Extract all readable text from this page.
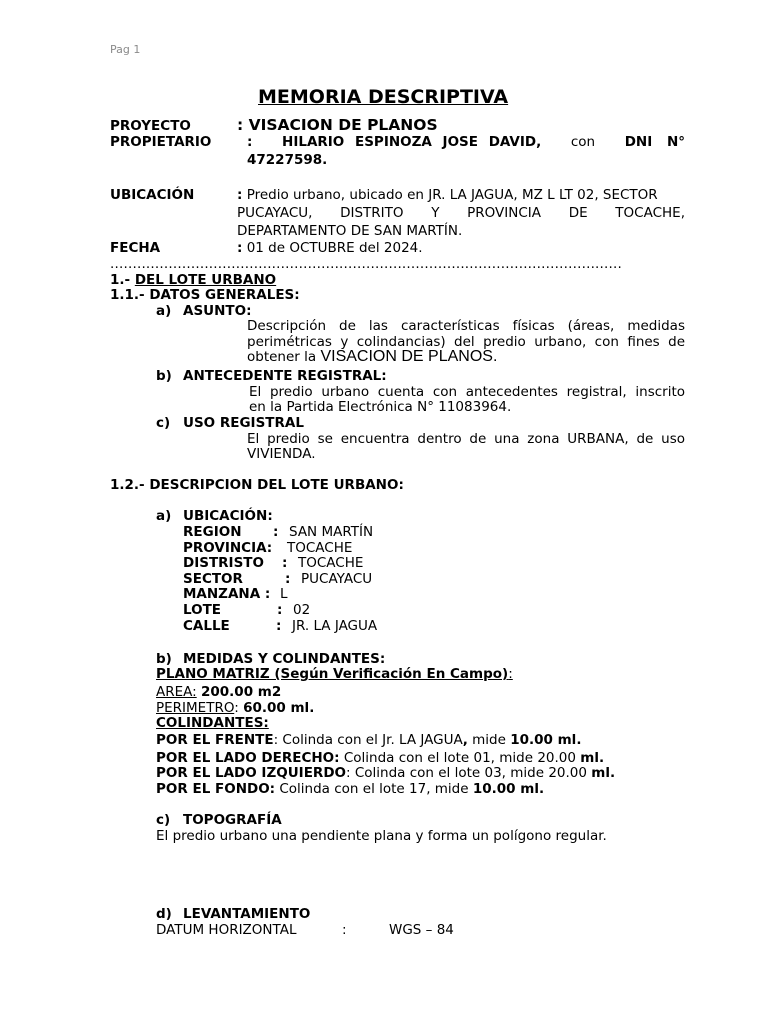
Pag 1
MEMORIA DESCRIPTIVA
PROYECTO	: VISACION DE PLANOS
PROPIETARIO	: HILARIO ESPINOZA JOSE DAVID, con DNI N°
47227598.
UBICACIÓN	: Predio urbano, ubicado en JR. LA JAGUA, MZ L LT 02, SECTOR
PUCAYACU, DISTRITO Y PROVINCIA DE TOCACHE,
DEPARTAMENTO DE SAN MARTÍN.
FECHA	: 01 de OCTUBRE del 2024.
..................................................................................................................
1.- DEL LOTE URBANO
1.1.- DATOS GENERALES:
a) ASUNTO:
Descripción de las características físicas (áreas, medidas
perimétricas y colindancias) del predio urbano, con fines de
obtener la VISACION DE PLANOS.
b) ANTECEDENTE REGISTRAL:
El predio urbano cuenta con antecedentes registral, inscrito
en la Partida Electrónica N° 11083964.
c) USO REGISTRAL
El predio se encuentra dentro de una zona URBANA, de uso
VIVIENDA.
1.2.- DESCRIPCION DEL LOTE URBANO:
a) UBICACIÓN:
REGION : SAN MARTÍN
PROVINCIA: TOCACHE
DISTRISTO : TOCACHE
SECTOR	: PUCAYACU
MANZANA : L
LOTE	: 02
CALLE	: JR. LA JAGUA
b) MEDIDAS Y COLINDANTES:
PLANO MATRIZ (Según Verificación En Campo):
AREA: 200.00 m2
PERIMETRO: 60.00 ml.
COLINDANTES:
POR EL FRENTE: Colinda con el Jr. LA JAGUA, mide 10.00 ml.
POR EL LADO DERECHO: Colinda con el lote 01, mide 20.00 ml.
POR EL LADO IZQUIERDO: Colinda con el lote 03, mide 20.00 ml.
POR EL FONDO: Colinda con el lote 17, mide 10.00 ml.
c) TOPOGRAFÍA
El predio urbano una pendiente plana y forma un polígono regular.
d) LEVANTAMIENTO
DATUM HORIZONTAL	:	WGS – 84
